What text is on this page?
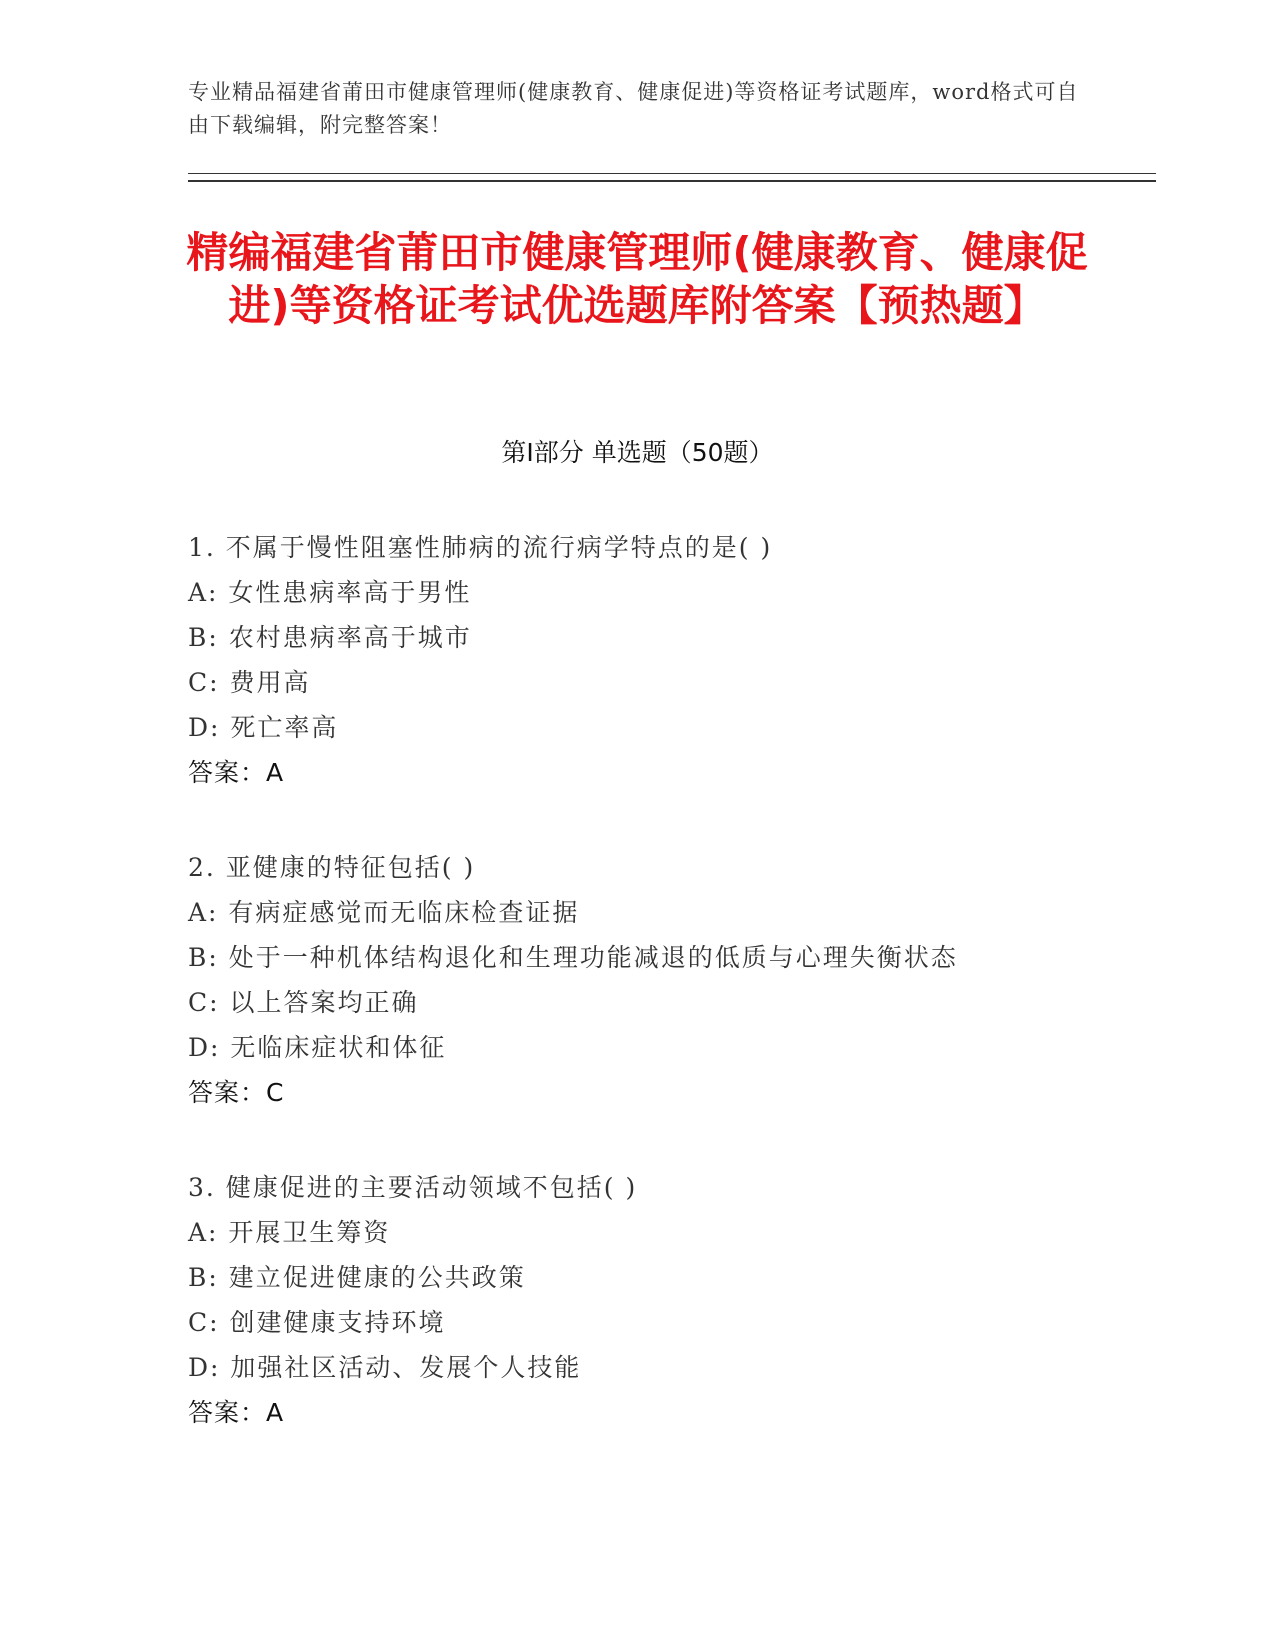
专业精品福建省莆田市健康管理师(健康教育、健康促进)等资格证考试题库，word格式可自由下载编辑，附完整答案！
精编福建省莆田市健康管理师(健康教育、健康促进)等资格证考试优选题库附答案【预热题】
第Ⅰ部分 单选题（50题）
1. 不属于慢性阻塞性肺病的流行病学特点的是( )
A: 女性患病率高于男性
B: 农村患病率高于城市
C: 费用高
D: 死亡率高
答案：A
2. 亚健康的特征包括( )
A: 有病症感觉而无临床检查证据
B: 处于一种机体结构退化和生理功能减退的低质与心理失衡状态
C: 以上答案均正确
D: 无临床症状和体征
答案：C
3. 健康促进的主要活动领域不包括( )
A: 开展卫生筹资
B: 建立促进健康的公共政策
C: 创建健康支持环境
D: 加强社区活动、发展个人技能
答案：A
